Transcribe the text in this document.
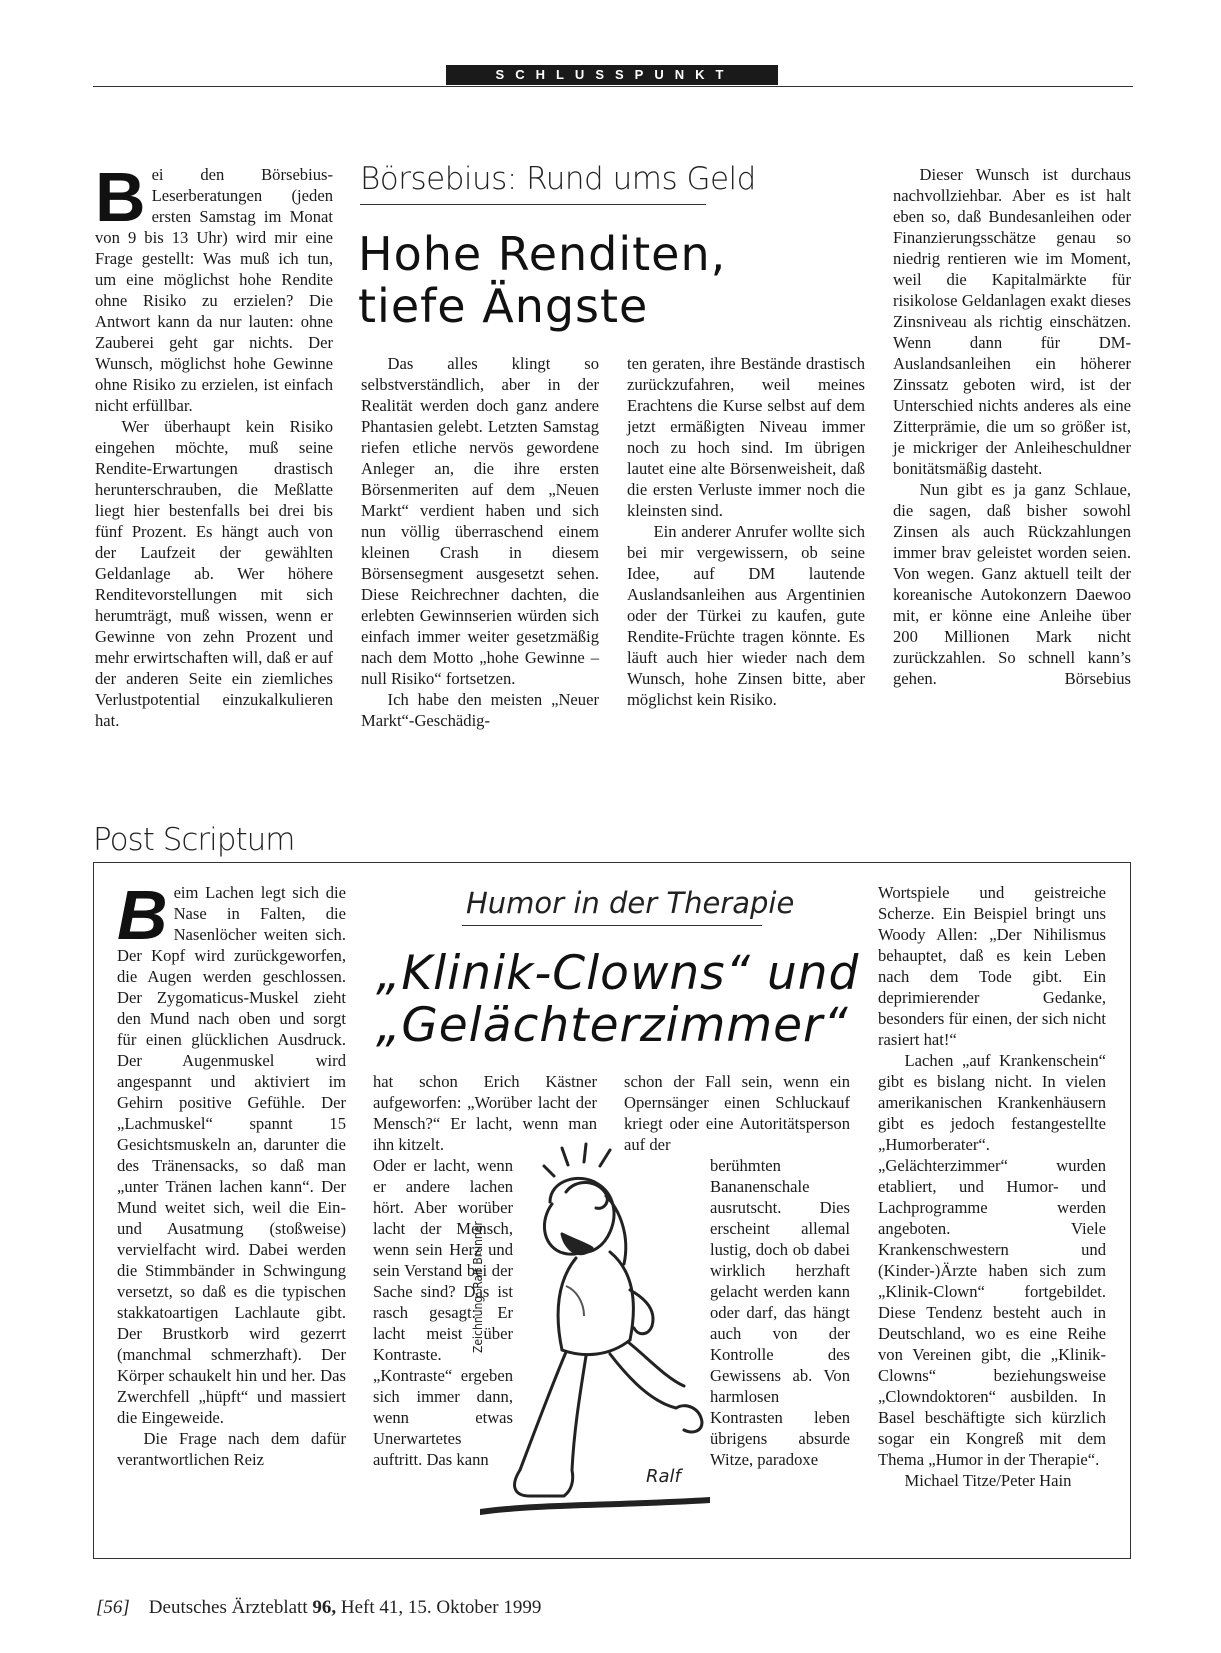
SCHLUSSPUNKT
B ei den Börsebius-Leserberatungen (jeden ersten Samstag im Monat von 9 bis 13 Uhr) wird mir eine Frage gestellt: Was muß ich tun, um eine möglichst hohe Rendite ohne Risiko zu erzielen? Die Antwort kann da nur lauten: ohne Zauberei geht gar nichts. Der Wunsch, möglichst hohe Gewinne ohne Risiko zu erzielen, ist einfach nicht erfüllbar.

Wer überhaupt kein Risiko eingehen möchte, muß seine Rendite-Erwartungen drastisch herunterschrauben, die Meßlatte liegt hier bestenfalls bei drei bis fünf Prozent. Es hängt auch von der Laufzeit der gewählten Geldanlage ab. Wer höhere Renditevorstellungen mit sich herumträgt, muß wissen, wenn er Gewinne von zehn Prozent und mehr erwirtschaften will, daß er auf der anderen Seite ein ziemliches Verlustpotential einzukalkulieren hat.

Börsebius: Rund ums Geld
Hohe Renditen,
tiefe Ängste

Das alles klingt so selbstverständlich, aber in der Realität werden doch ganz andere Phantasien gelebt. Letzten Samstag riefen etliche nervös gewordene Anleger an, die ihre ersten Börsenmeriten auf dem „Neuen Markt“ verdient haben und sich nun völlig überraschend einem kleinen Crash in diesem Börsensegment ausgesetzt sehen. Diese Reichrechner dachten, die erlebten Gewinnserien würden sich einfach immer weiter gesetzmäßig nach dem Motto „hohe Gewinne – null Risiko“ fortsetzen.

Ich habe den meisten „Neuer Markt“-Geschädig-

ten geraten, ihre Bestände drastisch zurückzufahren, weil meines Erachtens die Kurse selbst auf dem jetzt ermäßigten Niveau immer noch zu hoch sind. Im übrigen lautet eine alte Börsenweisheit, daß die ersten Verluste immer noch die kleinsten sind.

Ein anderer Anrufer wollte sich bei mir vergewissern, ob seine Idee, auf DM lautende Auslandsanleihen aus Argentinien oder der Türkei zu kaufen, gute Rendite-Früchte tragen könnte. Es läuft auch hier wieder nach dem Wunsch, hohe Zinsen bitte, aber möglichst kein Risiko.

Dieser Wunsch ist durchaus nachvollziehbar. Aber es ist halt eben so, daß Bundesanleihen oder Finanzierungsschätze genau so niedrig rentieren wie im Moment, weil die Kapitalmärkte für risikolose Geldanlagen exakt dieses Zinsniveau als richtig einschätzen. Wenn dann für DM-Auslandsanleihen ein höherer Zinssatz geboten wird, ist der Unterschied nichts anderes als eine Zitterprämie, die um so größer ist, je mickriger der Anleiheschuldner bonitätsmäßig dasteht.

Nun gibt es ja ganz Schlaue, die sagen, daß bisher sowohl Zinsen als auch Rückzahlungen immer brav geleistet worden seien. Von wegen. Ganz aktuell teilt der koreanische Autokonzern Daewoo mit, er könne eine Anleihe über 200 Millionen Mark nicht zurückzahlen. So schnell kann’s gehen.	Börsebius

Post Scriptum
B eim Lachen legt sich die Nase in Falten, die Nasenlöcher weiten sich. Der Kopf wird zurückgeworfen, die Augen werden geschlossen. Der Zygomaticus-Muskel zieht den Mund nach oben und sorgt für einen glücklichen Ausdruck. Der Augenmuskel wird angespannt und aktiviert im Gehirn positive Gefühle. Der „Lachmuskel“ spannt 15 Gesichtsmuskeln an, darunter die des Tränensacks, so daß man „unter Tränen lachen kann“. Der Mund weitet sich, weil die Ein- und Ausatmung (stoßweise) vervielfacht wird. Dabei werden die Stimmbänder in Schwingung versetzt, so daß es die typischen stakkatoartigen Lachlaute gibt. Der Brustkorb wird gezerrt (manchmal schmerzhaft). Der Körper schaukelt hin und her. Das Zwerchfell „hüpft“ und massiert die Eingeweide.

Die Frage nach dem dafür verantwortlichen Reiz

Humor in der Therapie
„Klinik-Clowns“ und
„Gelächterzimmer“

hat schon Erich Kästner aufgeworfen: „Worüber lacht der Mensch?“ Er lacht, wenn man ihn kitzelt.

Oder er lacht, wenn er andere lachen hört. Aber worüber lacht der Mensch, wenn sein Herz und sein Verstand bei der Sache sind? Das ist rasch gesagt: Er lacht meist über Kontraste. „Kontraste“ ergeben sich immer dann, wenn etwas Unerwartetes auftritt. Das kann

schon der Fall sein, wenn ein Opernsänger einen Schluckauf kriegt oder eine Autoritätsperson auf der

berühmten Bananenschale ausrutscht. Dies erscheint allemal lustig, doch ob dabei wirklich herzhaft gelacht werden kann oder darf, das hängt auch von der Kontrolle des Gewissens ab. Von harmlosen Kontrasten leben übrigens absurde Witze, paradoxe

Wortspiele und geistreiche Scherze. Ein Beispiel bringt uns Woody Allen: „Der Nihilismus behauptet, daß es kein Leben nach dem Tode gibt. Ein deprimierender Gedanke, besonders für einen, der sich nicht rasiert hat!“

Lachen „auf Krankenschein“ gibt es bislang nicht. In vielen amerikanischen Krankenhäusern gibt es jedoch festangestellte „Humorberater“. „Gelächterzimmer“ wurden etabliert, und Humor- und Lachprogramme werden angeboten. Viele Krankenschwestern und (Kinder-)Ärzte haben sich zum „Klinik-Clown“ fortgebildet. Diese Tendenz besteht auch in Deutschland, wo es eine Reihe von Vereinen gibt, die „Klinik-Clowns“ beziehungsweise „Clowndoktoren“ ausbilden. In Basel beschäftigte sich kürzlich sogar ein Kongreß mit dem Thema „Humor in der Therapie“.

Michael Titze/Peter Hain

Ralf
Zeichnung: Ralf Brunner
[56] Deutsches Ärzteblatt 96, Heft 41, 15. Oktober 1999
